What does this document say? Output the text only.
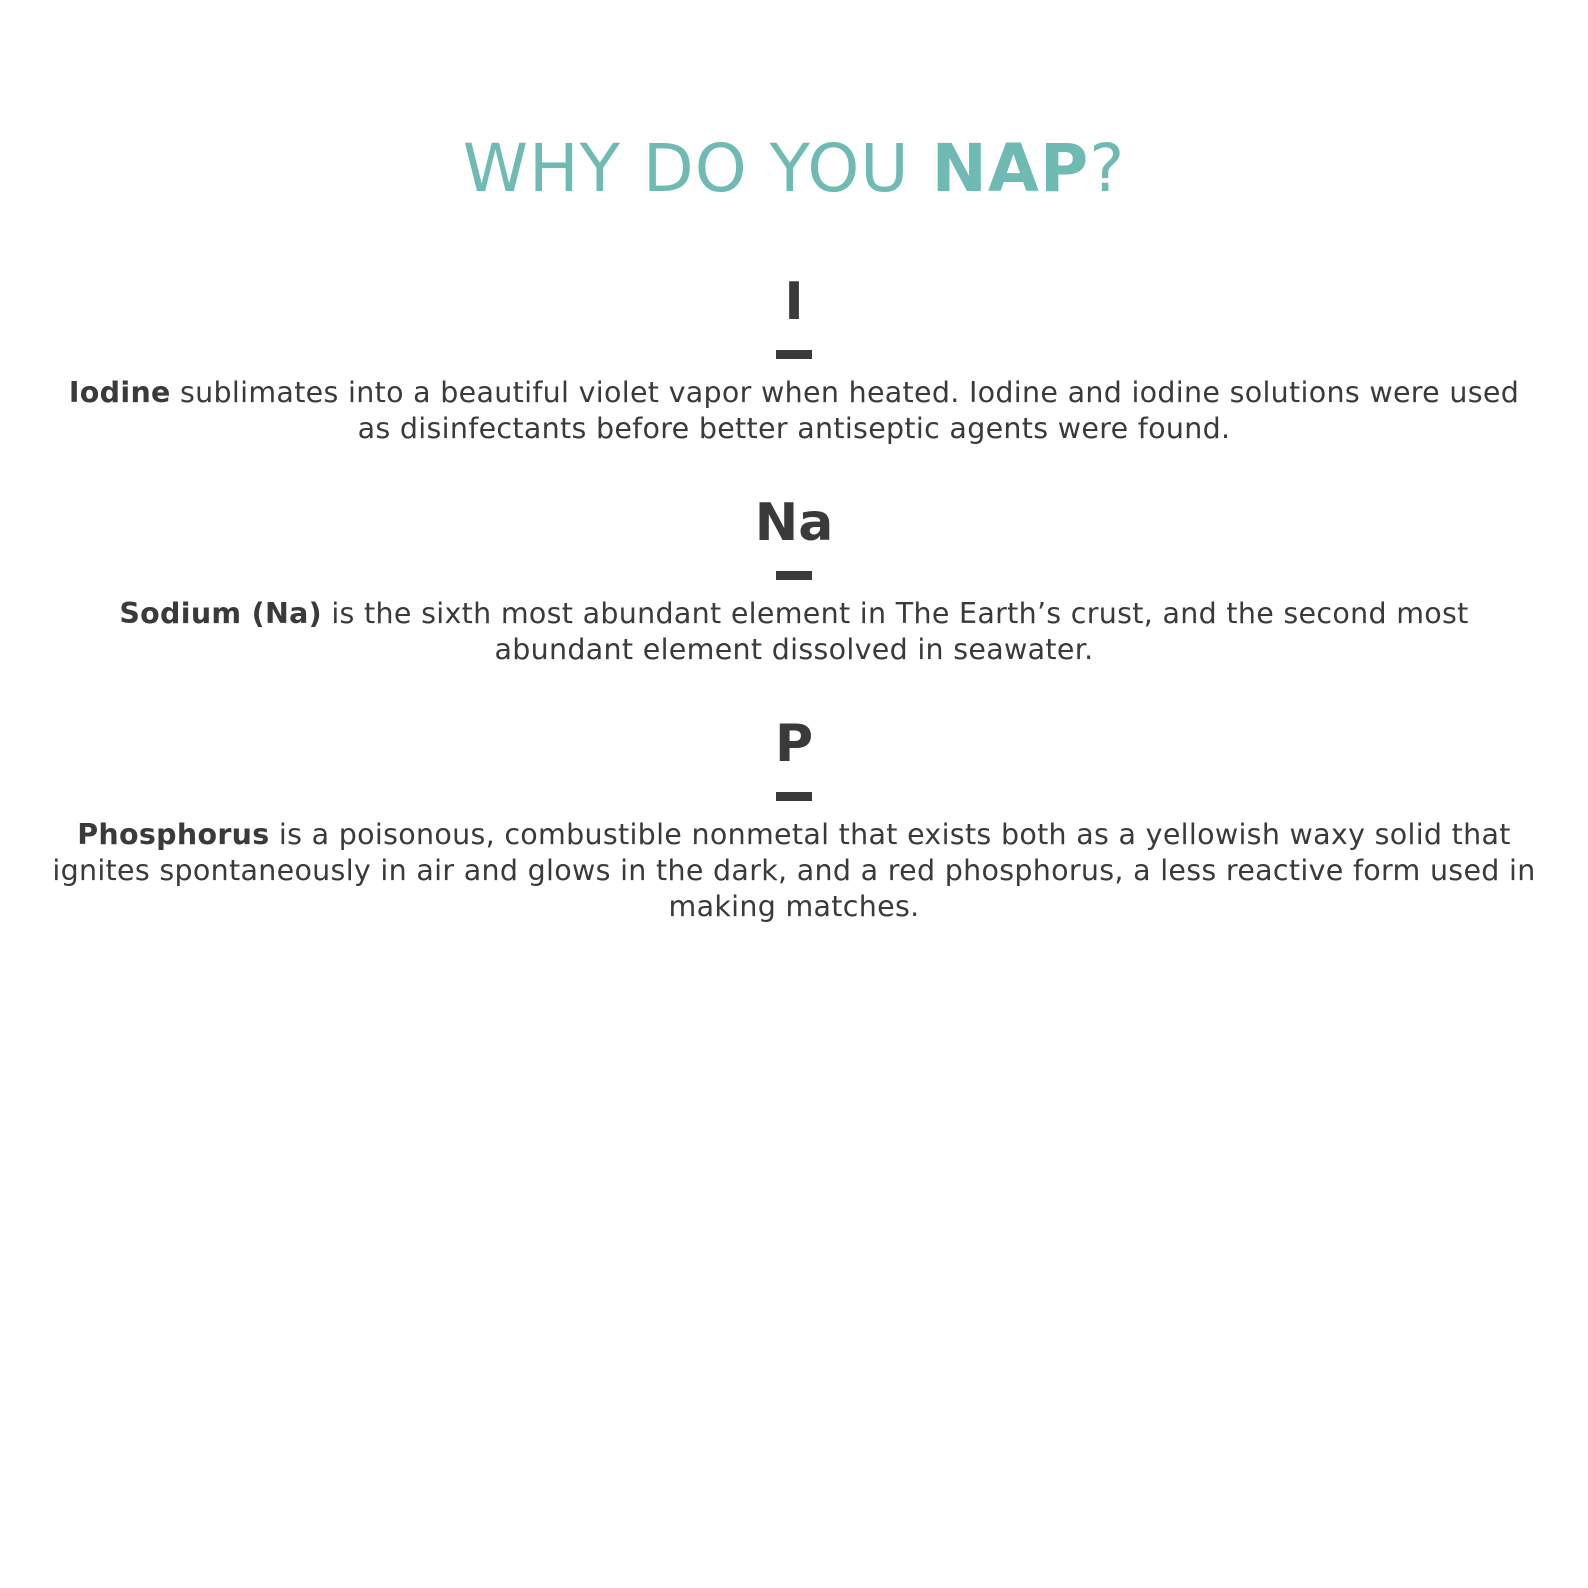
WHY DO YOU NAP?
I
Iodine sublimates into a beautiful violet vapor when heated. Iodine and iodine solutions were used as disinfectants before better antiseptic agents were found.
Na
Sodium (Na) is the sixth most abundant element in The Earth’s crust, and the second most abundant element dissolved in seawater.
P
Phosphorus is a poisonous, combustible nonmetal that exists both as a yellowish waxy solid that ignites spontaneously in air and glows in the dark, and a red phosphorus, a less reactive form used in making matches.
